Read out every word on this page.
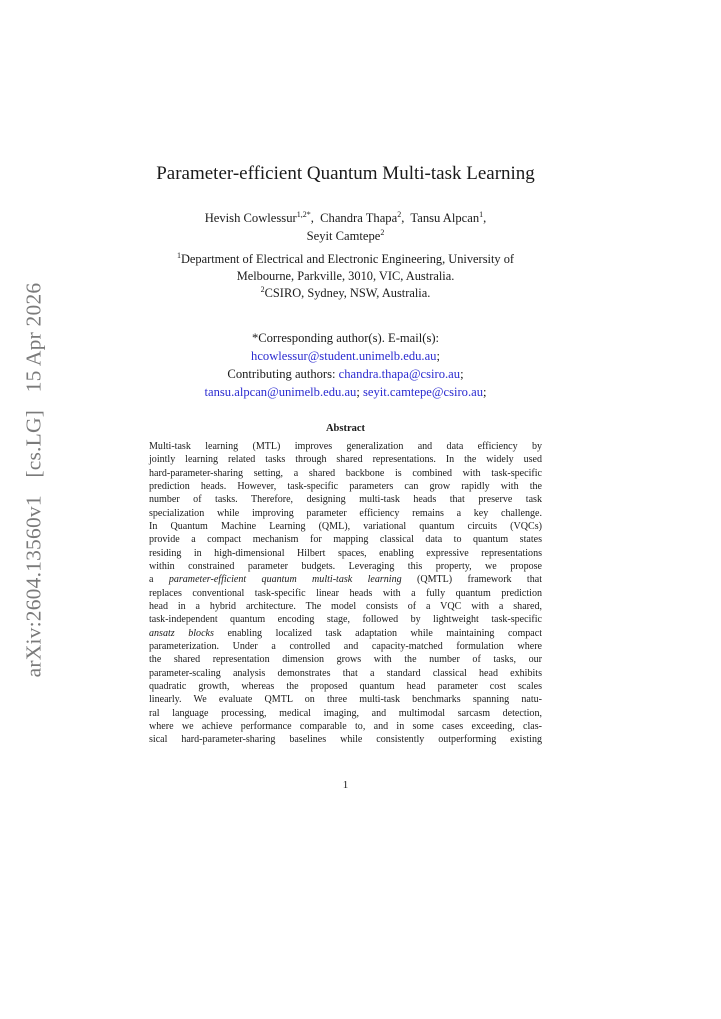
arXiv:2604.13560v1 [cs.LG] 15 Apr 2026
Parameter-efficient Quantum Multi-task Learning
Hevish Cowlessur$^{1,2*}$,  Chandra Thapa$^2$,  Tansu Alpcan$^1$,
Seyit Camtepe$^2$
$^1$Department of Electrical and Electronic Engineering, University of
Melbourne, Parkville, 3010, VIC, Australia.
$^2$CSIRO, Sydney, NSW, Australia.
*Corresponding author(s). E-mail(s):
hcowlessur@student.unimelb.edu.au;
Contributing authors: chandra.thapa@csiro.au;
tansu.alpcan@unimelb.edu.au; seyit.camtepe@csiro.au;
Abstract
Multi-task learning (MTL) improves generalization and data efficiency by
jointly learning related tasks through shared representations. In the widely used
hard-parameter-sharing setting, a shared backbone is combined with task-specific
prediction heads. However, task-specific parameters can grow rapidly with the
number of tasks. Therefore, designing multi-task heads that preserve task
specialization while improving parameter efficiency remains a key challenge.
In Quantum Machine Learning (QML), variational quantum circuits (VQCs)
provide a compact mechanism for mapping classical data to quantum states
residing in high-dimensional Hilbert spaces, enabling expressive representations
within constrained parameter budgets. Leveraging this property, we propose
a parameter-efficient quantum multi-task learning (QMTL) framework that
replaces conventional task-specific linear heads with a fully quantum prediction
head in a hybrid architecture. The model consists of a VQC with a shared,
task-independent quantum encoding stage, followed by lightweight task-specific
ansatz blocks enabling localized task adaptation while maintaining compact
parameterization. Under a controlled and capacity-matched formulation where
the shared representation dimension grows with the number of tasks, our
parameter-scaling analysis demonstrates that a standard classical head exhibits
quadratic growth, whereas the proposed quantum head parameter cost scales
linearly. We evaluate QMTL on three multi-task benchmarks spanning natu-
ral language processing, medical imaging, and multimodal sarcasm detection,
where we achieve performance comparable to, and in some cases exceeding, clas-
sical hard-parameter-sharing baselines while consistently outperforming existing
1
